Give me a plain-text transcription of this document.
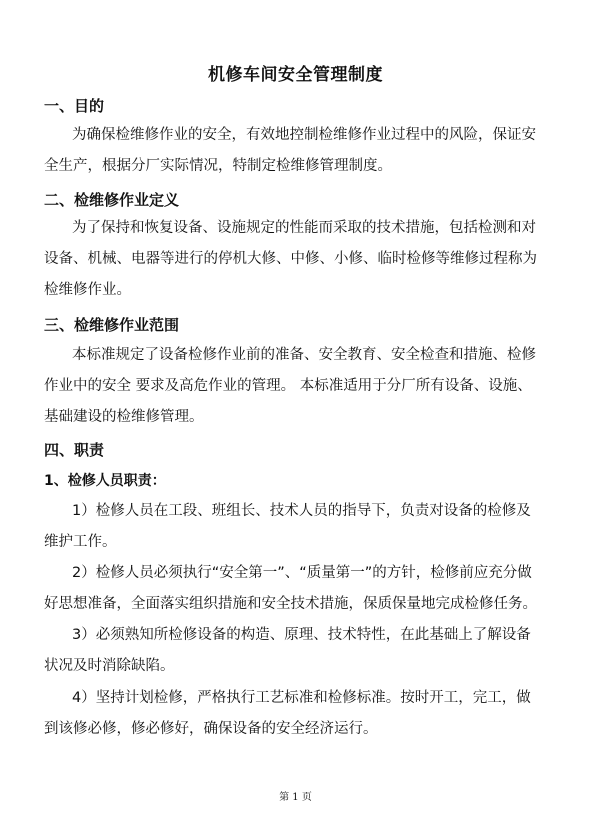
机修车间安全管理制度
一、目的

为确保检维修作业的安全，有效地控制检维修作业过程中的风险，保证安全生产，根据分厂实际情况，特制定检维修管理制度。

二、检维修作业定义

为了保持和恢复设备、设施规定的性能而采取的技术措施，包括检测和对设备、机械、电器等进行的停机大修、中修、小修、临时检修等维修过程称为检维修作业。

三、检维修作业范围

本标准规定了设备检修作业前的准备、安全教育、安全检查和措施、检修作业中的安全 要求及高危作业的管理。 本标准适用于分厂所有设备、设施、基础建设的检维修管理。

四、职责
1、检修人员职责：

1）检修人员在工段、班组长、技术人员的指导下，负责对设备的检修及维护工作。

2）检修人员必须执行“安全第一”、“质量第一”的方针，检修前应充分做好思想准备，全面落实组织措施和安全技术措施，保质保量地完成检修任务。

3）必须熟知所检修设备的构造、原理、技术特性，在此基础上了解设备状况及时消除缺陷。

4）坚持计划检修，严格执行工艺标准和检修标准。按时开工，完工，做到该修必修，修必修好，确保设备的安全经济运行。

第 1 页
